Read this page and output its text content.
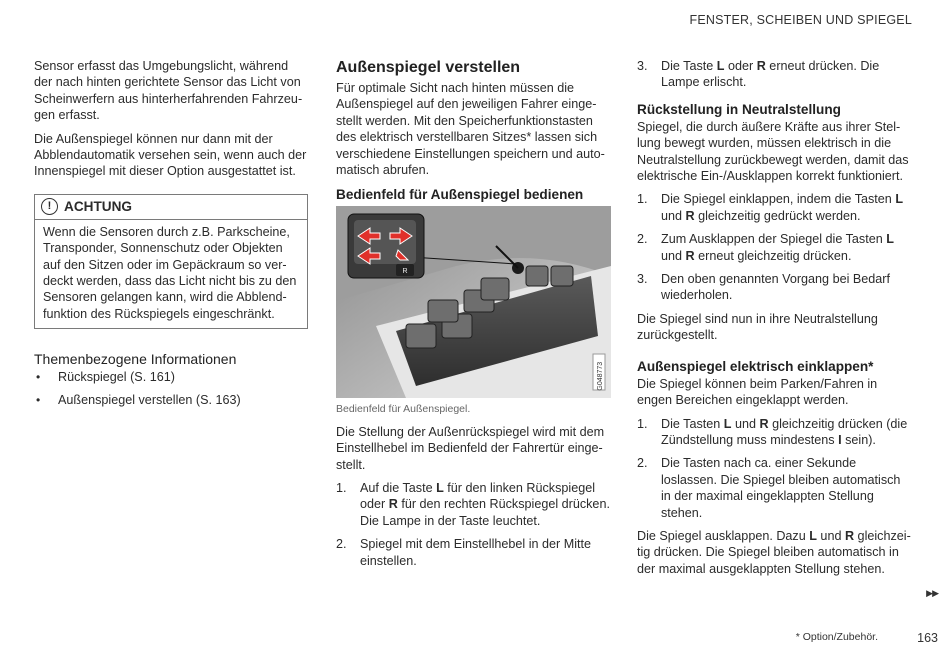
FENSTER, SCHEIBEN UND SPIEGEL

Sensor erfasst das Umgebungslicht, während der nach hinten gerichtete Sensor das Licht von Scheinwerfern aus hinterherfahrenden Fahrzeugen erfasst.

Die Außenspiegel können nur dann mit der Abblendautomatik versehen sein, wenn auch der Innenspiegel mit dieser Option ausgestattet ist.

! ACHTUNG
Wenn die Sensoren durch z.B. Parkscheine, Transponder, Sonnenschutz oder Objekten auf den Sitzen oder im Gepäckraum so verdeckt werden, dass das Licht nicht bis zu den Sensoren gelangen kann, wird die Abblendfunktion des Rückspiegels eingeschränkt.
Themenbezogene Informationen
• Rückspiegel (S. 161)
• Außenspiegel verstellen (S. 163)
Außenspiegel verstellen

Für optimale Sicht nach hinten müssen die Außenspiegel auf den jeweiligen Fahrer eingestellt werden. Mit den Speicherfunktionstasten des elektrisch verstellbaren Sitzes* lassen sich verschiedene Einstellungen speichern und automatisch abrufen.

Bedienfeld für Außenspiegel bedienen
R
G048773
Bedienfeld für Außenspiegel.

Die Stellung der Außenrückspiegel wird mit dem Einstellhebel im Bedienfeld der Fahrertür eingestellt.

1. Auf die Taste L für den linken Rückspiegel oder R für den rechten Rückspiegel drücken. Die Lampe in der Taste leuchtet.
2. Spiegel mit dem Einstellhebel in der Mitte einstellen.
3. Die Taste L oder R erneut drücken. Die Lampe erlischt.
Rückstellung in Neutralstellung

Spiegel, die durch äußere Kräfte aus ihrer Stellung bewegt wurden, müssen elektrisch in die Neutralstellung zurückbewegt werden, damit das elektrische Ein-/Ausklappen korrekt funktioniert.

1. Die Spiegel einklappen, indem die Tasten L und R gleichzeitig gedrückt werden.
2. Zum Ausklappen der Spiegel die Tasten L und R erneut gleichzeitig drücken.
3. Den oben genannten Vorgang bei Bedarf wiederholen.

Die Spiegel sind nun in ihre Neutralstellung zurückgestellt.

Außenspiegel elektrisch einklappen*

Die Spiegel können beim Parken/Fahren in engen Bereichen eingeklappt werden.

1. Die Tasten L und R gleichzeitig drücken (die Zündstellung muss mindestens I sein).
2. Die Tasten nach ca. einer Sekunde loslassen. Die Spiegel bleiben automatisch in der maximal eingeklappten Stellung stehen.

Die Spiegel ausklappen. Dazu L und R gleichzeitig drücken. Die Spiegel bleiben automatisch in der maximal ausgeklappten Stellung stehen.

▶▶
* Option/Zubehör.	163
